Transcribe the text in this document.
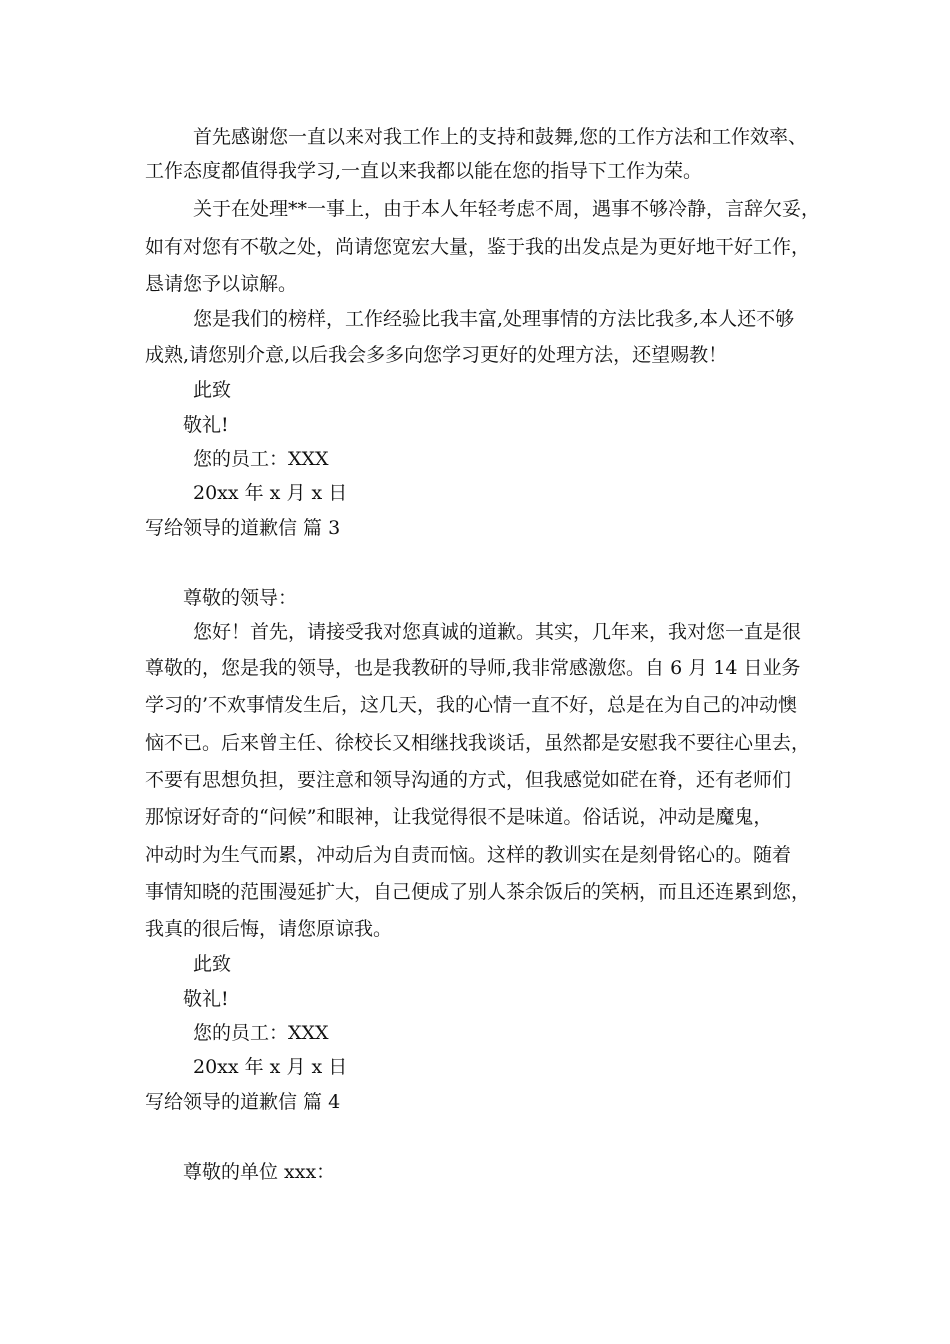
首先感谢您一直以来对我工作上的支持和鼓舞,您的工作方法和工作效率、
工作态度都值得我学习,一直以来我都以能在您的指导下工作为荣。
关于在处理**一事上，由于本人年轻考虑不周，遇事不够冷静，言辞欠妥，
如有对您有不敬之处，尚请您宽宏大量，鉴于我的出发点是为更好地干好工作，
恳请您予以谅解。
您是我们的榜样，工作经验比我丰富,处理事情的方法比我多,本人还不够
成熟,请您别介意,以后我会多多向您学习更好的处理方法，还望赐教！
此致
敬礼!
您的员工：XXX
20xx 年 x 月 x 日
写给领导的道歉信 篇 3
尊敬的领导：
您好！首先，请接受我对您真诚的道歉。其实，几年来，我对您一直是很
尊敬的，您是我的领导，也是我教研的导师,我非常感激您。自 6 月 14 日业务
学习的’不欢事情发生后，这几天，我的心情一直不好，总是在为自己的冲动懊
恼不已。后来曾主任、徐校长又相继找我谈话，虽然都是安慰我不要往心里去，
不要有思想负担，要注意和领导沟通的方式，但我感觉如硭在脊，还有老师们
那惊讶好奇的“问候”和眼神，让我觉得很不是味道。俗话说，冲动是魔鬼，
冲动时为生气而累，冲动后为自责而恼。这样的教训实在是刻骨铭心的。随着
事情知晓的范围漫延扩大，自己便成了别人茶余饭后的笑柄，而且还连累到您，
我真的很后悔，请您原谅我。
此致
敬礼!
您的员工：XXX
20xx 年 x 月 x 日
写给领导的道歉信 篇 4
尊敬的单位 xxx：
